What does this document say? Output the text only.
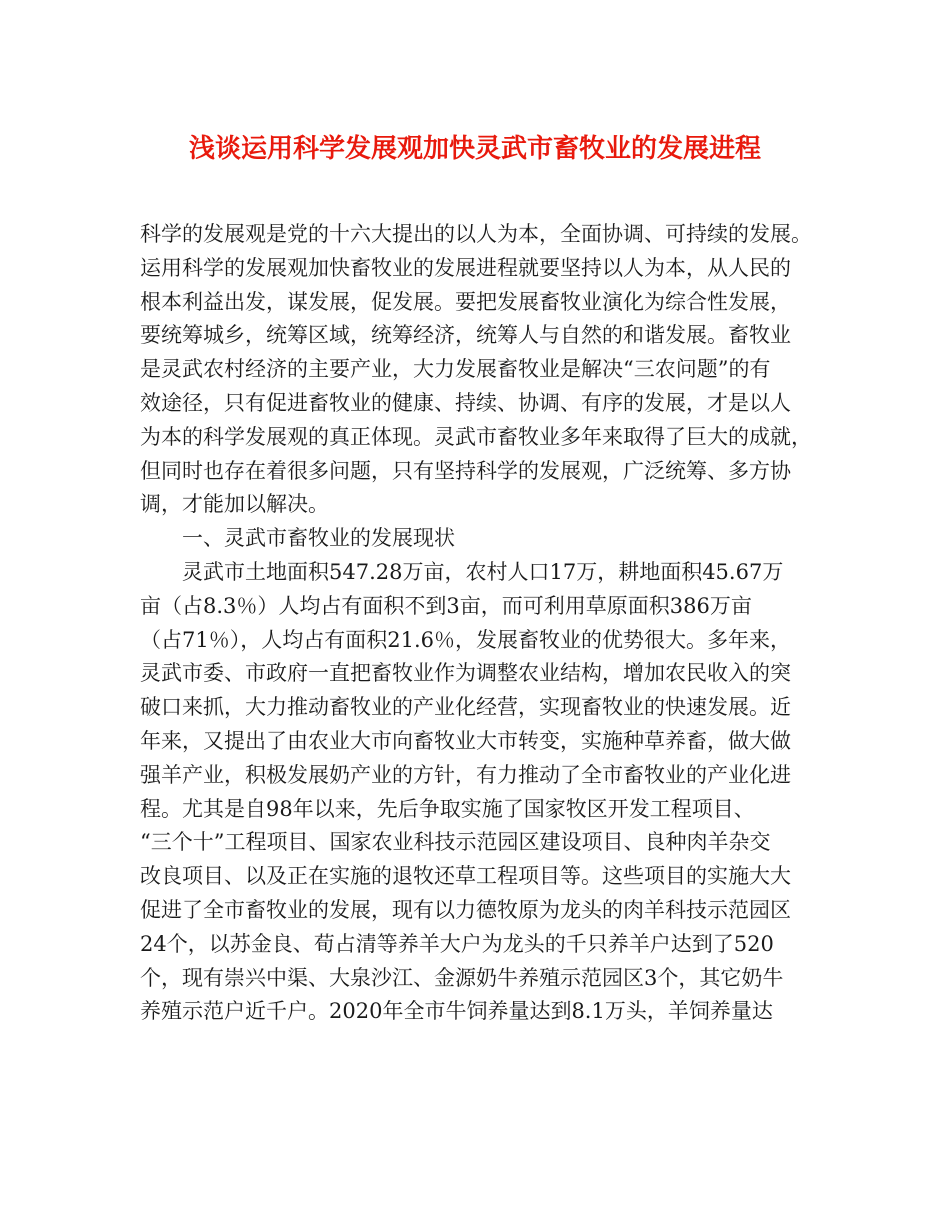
浅谈运用科学发展观加快灵武市畜牧业的发展进程
科学的发展观是党的十六大提出的以人为本，全面协调、可持续的发展。
运用科学的发展观加快畜牧业的发展进程就要坚持以人为本，从人民的
根本利益出发，谋发展，促发展。要把发展畜牧业演化为综合性发展，
要统筹城乡，统筹区域，统筹经济，统筹人与自然的和谐发展。畜牧业
是灵武农村经济的主要产业，大力发展畜牧业是解决“三农问题”的有
效途径，只有促进畜牧业的健康、持续、协调、有序的发展，才是以人
为本的科学发展观的真正体现。灵武市畜牧业多年来取得了巨大的成就，
但同时也存在着很多问题，只有坚持科学的发展观，广泛统筹、多方协
调，才能加以解决。
一、灵武市畜牧业的发展现状
灵武市土地面积547.28万亩，农村人口17万，耕地面积45.67万
亩（占8.3％）人均占有面积不到3亩，而可利用草原面积386万亩
（占71％），人均占有面积21.6％，发展畜牧业的优势很大。多年来，
灵武市委、市政府一直把畜牧业作为调整农业结构，增加农民收入的突
破口来抓，大力推动畜牧业的产业化经营，实现畜牧业的快速发展。近
年来，又提出了由农业大市向畜牧业大市转变，实施种草养畜，做大做
强羊产业，积极发展奶产业的方针，有力推动了全市畜牧业的产业化进
程。尤其是自98年以来，先后争取实施了国家牧区开发工程项目、
“三个十”工程项目、国家农业科技示范园区建设项目、良种肉羊杂交
改良项目、以及正在实施的退牧还草工程项目等。这些项目的实施大大
促进了全市畜牧业的发展，现有以力德牧原为龙头的肉羊科技示范园区
24个，以苏金良、荀占清等养羊大户为龙头的千只养羊户达到了520
个，现有崇兴中渠、大泉沙江、金源奶牛养殖示范园区3个，其它奶牛
养殖示范户近千户。2020年全市牛饲养量达到8.1万头，羊饲养量达
